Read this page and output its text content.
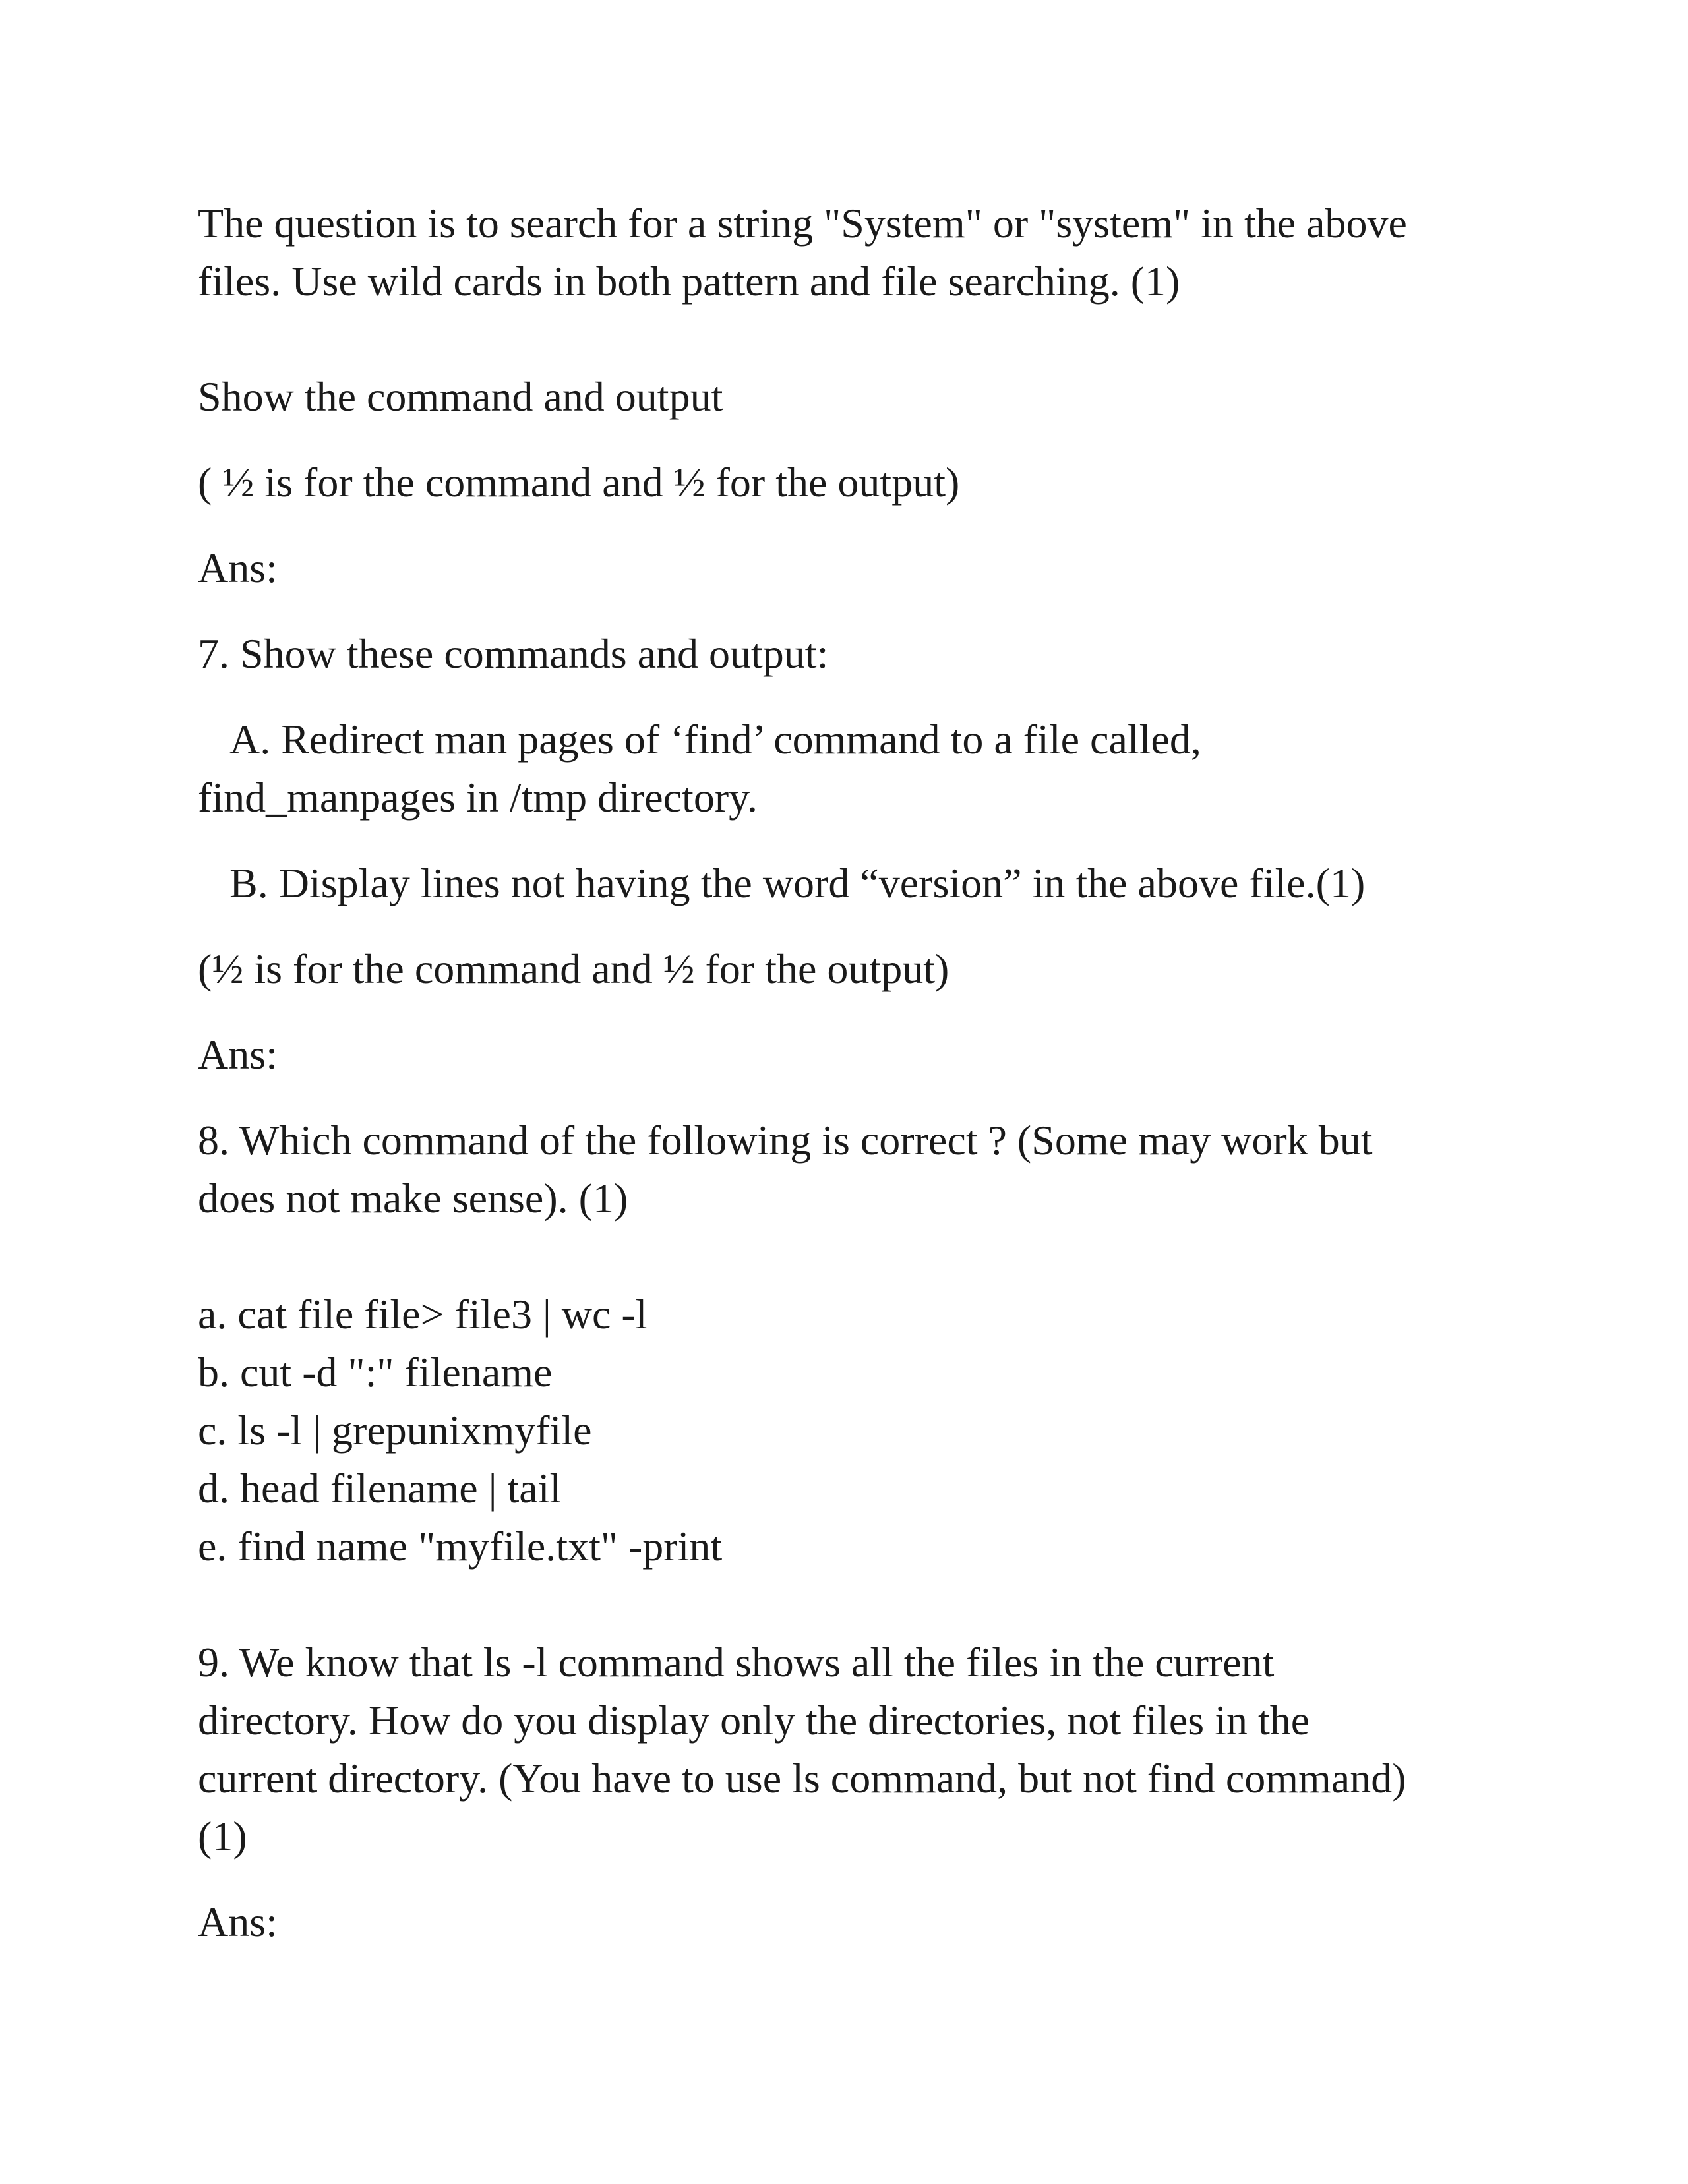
The question is to search for a string "System" or "system" in the above
files. Use wild cards in both pattern and file searching. (1)
Show the command and output
( ½ is for the command and ½ for the output)
Ans:
7. Show these commands and output:
A. Redirect man pages of ‘find’ command to a file called,
find_manpages in /tmp directory.
B. Display lines not having the word “version” in the above file.(1)
(½ is for the command and ½ for the output)
Ans:
8. Which command of the following is correct ? (Some may work but
does not make sense). (1)
a. cat file file> file3 | wc -l
b. cut -d ":" filename
c. ls -l | grepunixmyfile
d. head filename | tail
e. find name "myfile.txt" -print
9. We know that ls -l command shows all the files in the current
directory. How do you display only the directories, not files in the
current directory. (You have to use ls command, but not find command)
(1)
Ans:
